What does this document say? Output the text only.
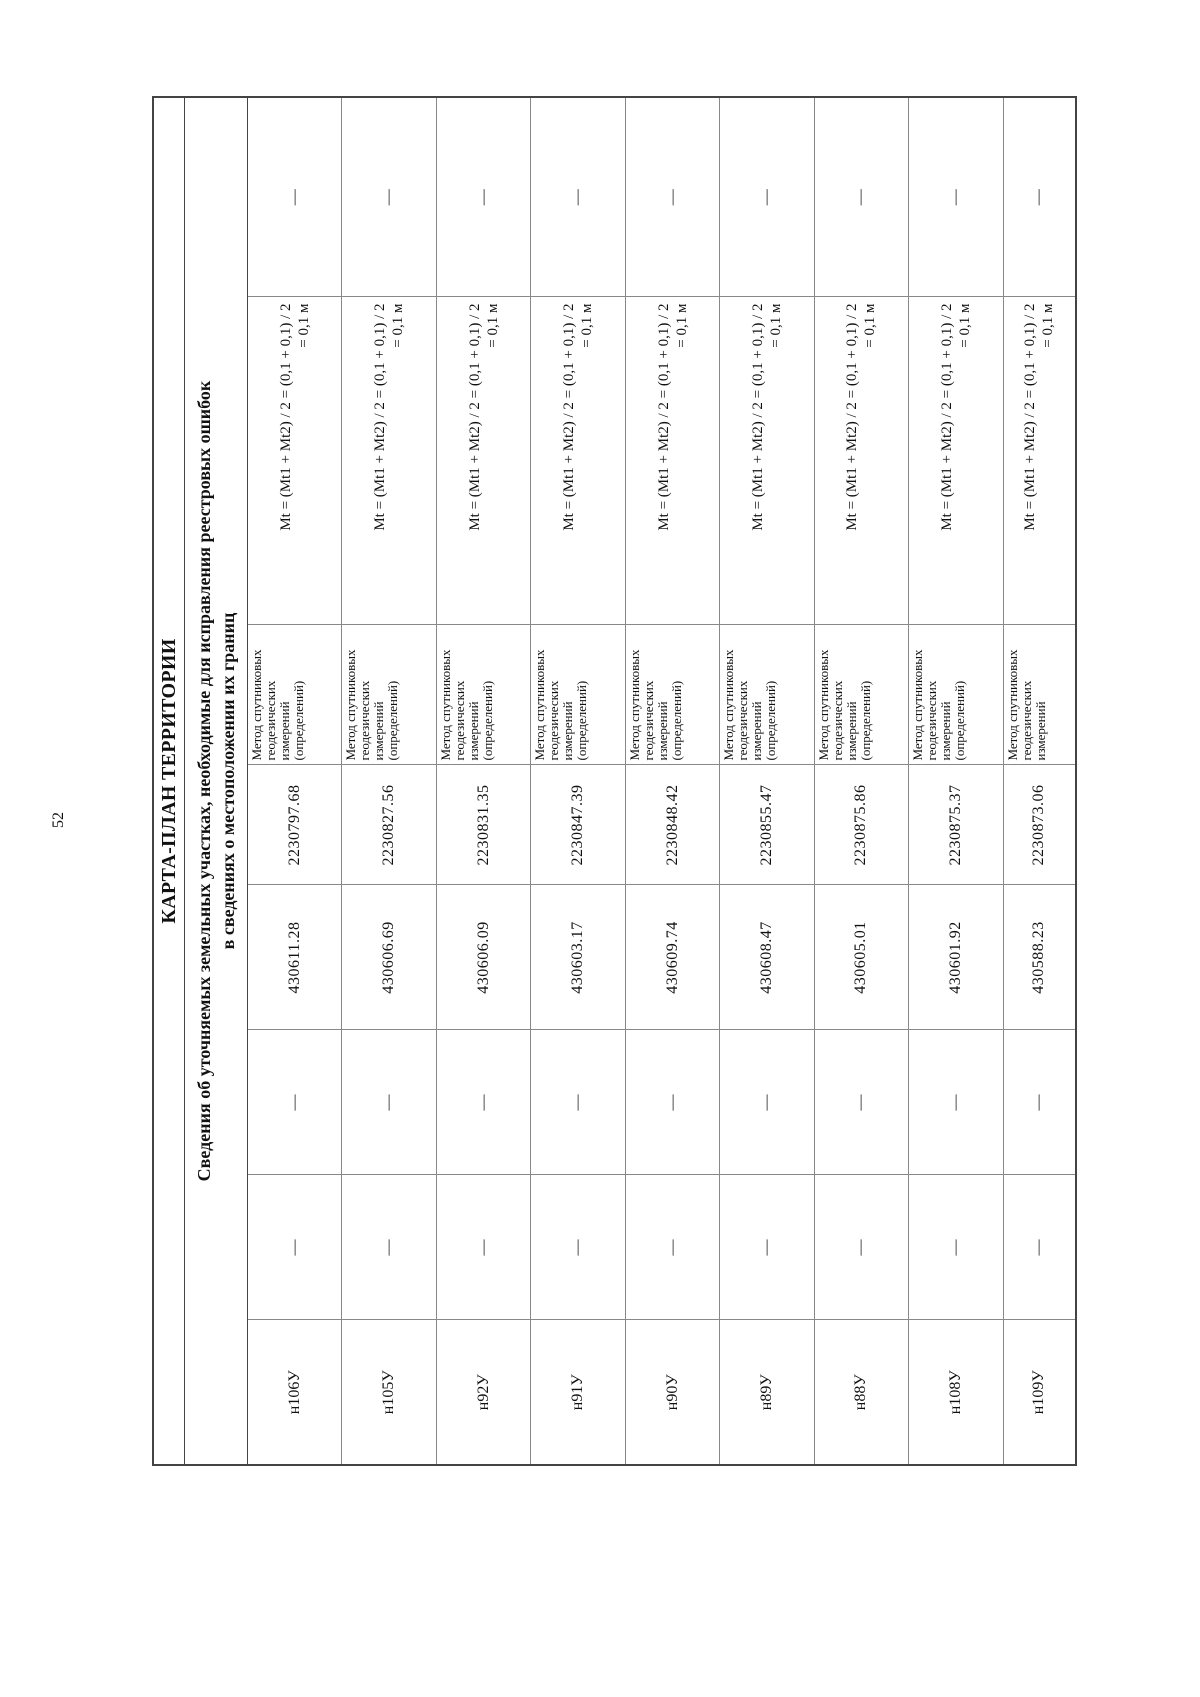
52	КАРТА-ПЛАН ТЕРРИТОРИИ							
Сведения об уточняемых земельных участках, необходимые для исправления реестровых ошибок в сведениях о местоположении их границ							
н106У	—	—	430611.28	2230797.68	Метод спутниковых геодезических измерений (определений)	Mt = (Mt1 + Mt2) / 2 = (0,1 + 0,1) / 2 = 0,1 м	—
н105У	—	—	430606.69	2230827.56	Метод спутниковых геодезических измерений (определений)	Mt = (Mt1 + Mt2) / 2 = (0,1 + 0,1) / 2 = 0,1 м	—
н92У	—	—	430606.09	2230831.35	Метод спутниковых геодезических измерений (определений)	Mt = (Mt1 + Mt2) / 2 = (0,1 + 0,1) / 2 = 0,1 м	—
н91У	—	—	430603.17	2230847.39	Метод спутниковых геодезических измерений (определений)	Mt = (Mt1 + Mt2) / 2 = (0,1 + 0,1) / 2 = 0,1 м	—
н90У	—	—	430609.74	2230848.42	Метод спутниковых геодезических измерений (определений)	Mt = (Mt1 + Mt2) / 2 = (0,1 + 0,1) / 2 = 0,1 м	—
н89У	—	—	430608.47	2230855.47	Метод спутниковых геодезических измерений (определений)	Mt = (Mt1 + Mt2) / 2 = (0,1 + 0,1) / 2 = 0,1 м	—
н88У	—	—	430605.01	2230875.86	Метод спутниковых геодезических измерений (определений)	Mt = (Mt1 + Mt2) / 2 = (0,1 + 0,1) / 2 = 0,1 м	—
н108У	—	—	430601.92	2230875.37	Метод спутниковых геодезических измерений (определений)	Mt = (Mt1 + Mt2) / 2 = (0,1 + 0,1) / 2 = 0,1 м	—
н109У	—	—	430588.23	2230873.06	Метод спутниковых геодезических измерений	Mt = (Mt1 + Mt2) / 2 = (0,1 + 0,1) / 2 = 0,1 м	—
